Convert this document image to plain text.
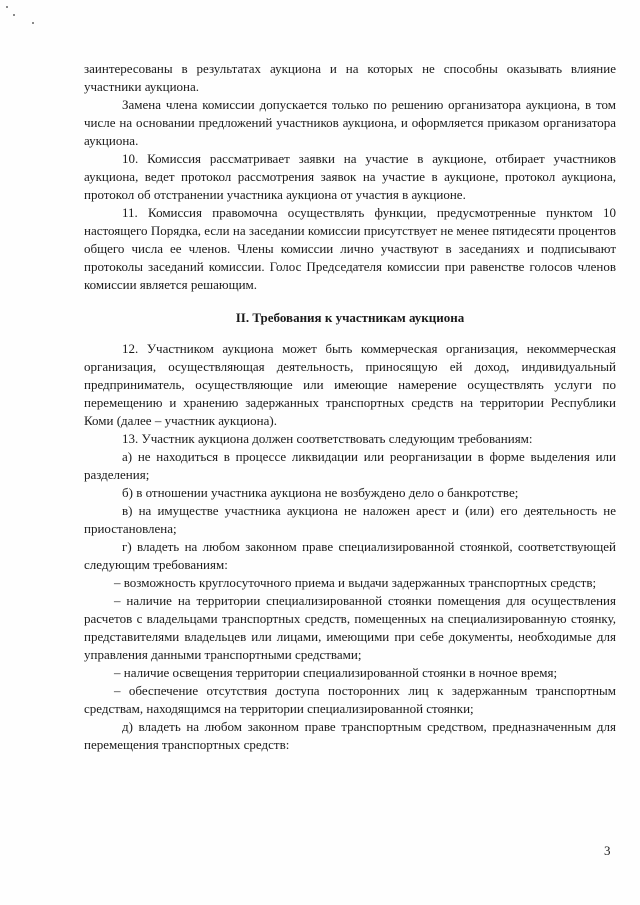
заинтересованы в результатах аукциона и на которых не способны оказывать влияние участники аукциона.

Замена члена комиссии допускается только по решению организатора аукциона, в том числе на основании предложений участников аукциона, и оформляется приказом организатора аукциона.

10. Комиссия рассматривает заявки на участие в аукционе, отбирает участников аукциона, ведет протокол рассмотрения заявок на участие в аукционе, протокол аукциона, протокол об отстранении участника аукциона от участия в аукционе.

11. Комиссия правомочна осуществлять функции, предусмотренные пунктом 10 настоящего Порядка, если на заседании комиссии присутствует не менее пятидесяти процентов общего числа ее членов. Члены комиссии лично участвуют в заседаниях и подписывают протоколы заседаний комиссии. Голос Председателя комиссии при равенстве голосов членов комиссии является решающим.

II. Требования к участникам аукциона

12. Участником аукциона может быть коммерческая организация, некоммерческая организация, осуществляющая деятельность, приносящую ей доход, индивидуальный предприниматель, осуществляющие или имеющие намерение осуществлять услуги по перемещению и хранению задержанных транспортных средств на территории Республики Коми (далее – участник аукциона).

13. Участник аукциона должен соответствовать следующим требованиям:

а) не находиться в процессе ликвидации или реорганизации в форме выделения или разделения;

б) в отношении участника аукциона не возбуждено дело о банкротстве;

в) на имуществе участника аукциона не наложен арест и (или) его деятельность не приостановлена;

г) владеть на любом законном праве специализированной стоянкой, соответствующей следующим требованиям:

– возможность круглосуточного приема и выдачи задержанных транспортных средств;

– наличие на территории специализированной стоянки помещения для осуществления расчетов с владельцами транспортных средств, помещенных на специализированную стоянку, представителями владельцев или лицами, имеющими при себе документы, необходимые для управления данными транспортными средствами;

– наличие освещения территории специализированной стоянки в ночное время;

– обеспечение отсутствия доступа посторонних лиц к задержанным транспортным средствам, находящимся на территории специализированной стоянки;

д) владеть на любом законном праве транспортным средством, предназначенным для перемещения транспортных средств:

3
